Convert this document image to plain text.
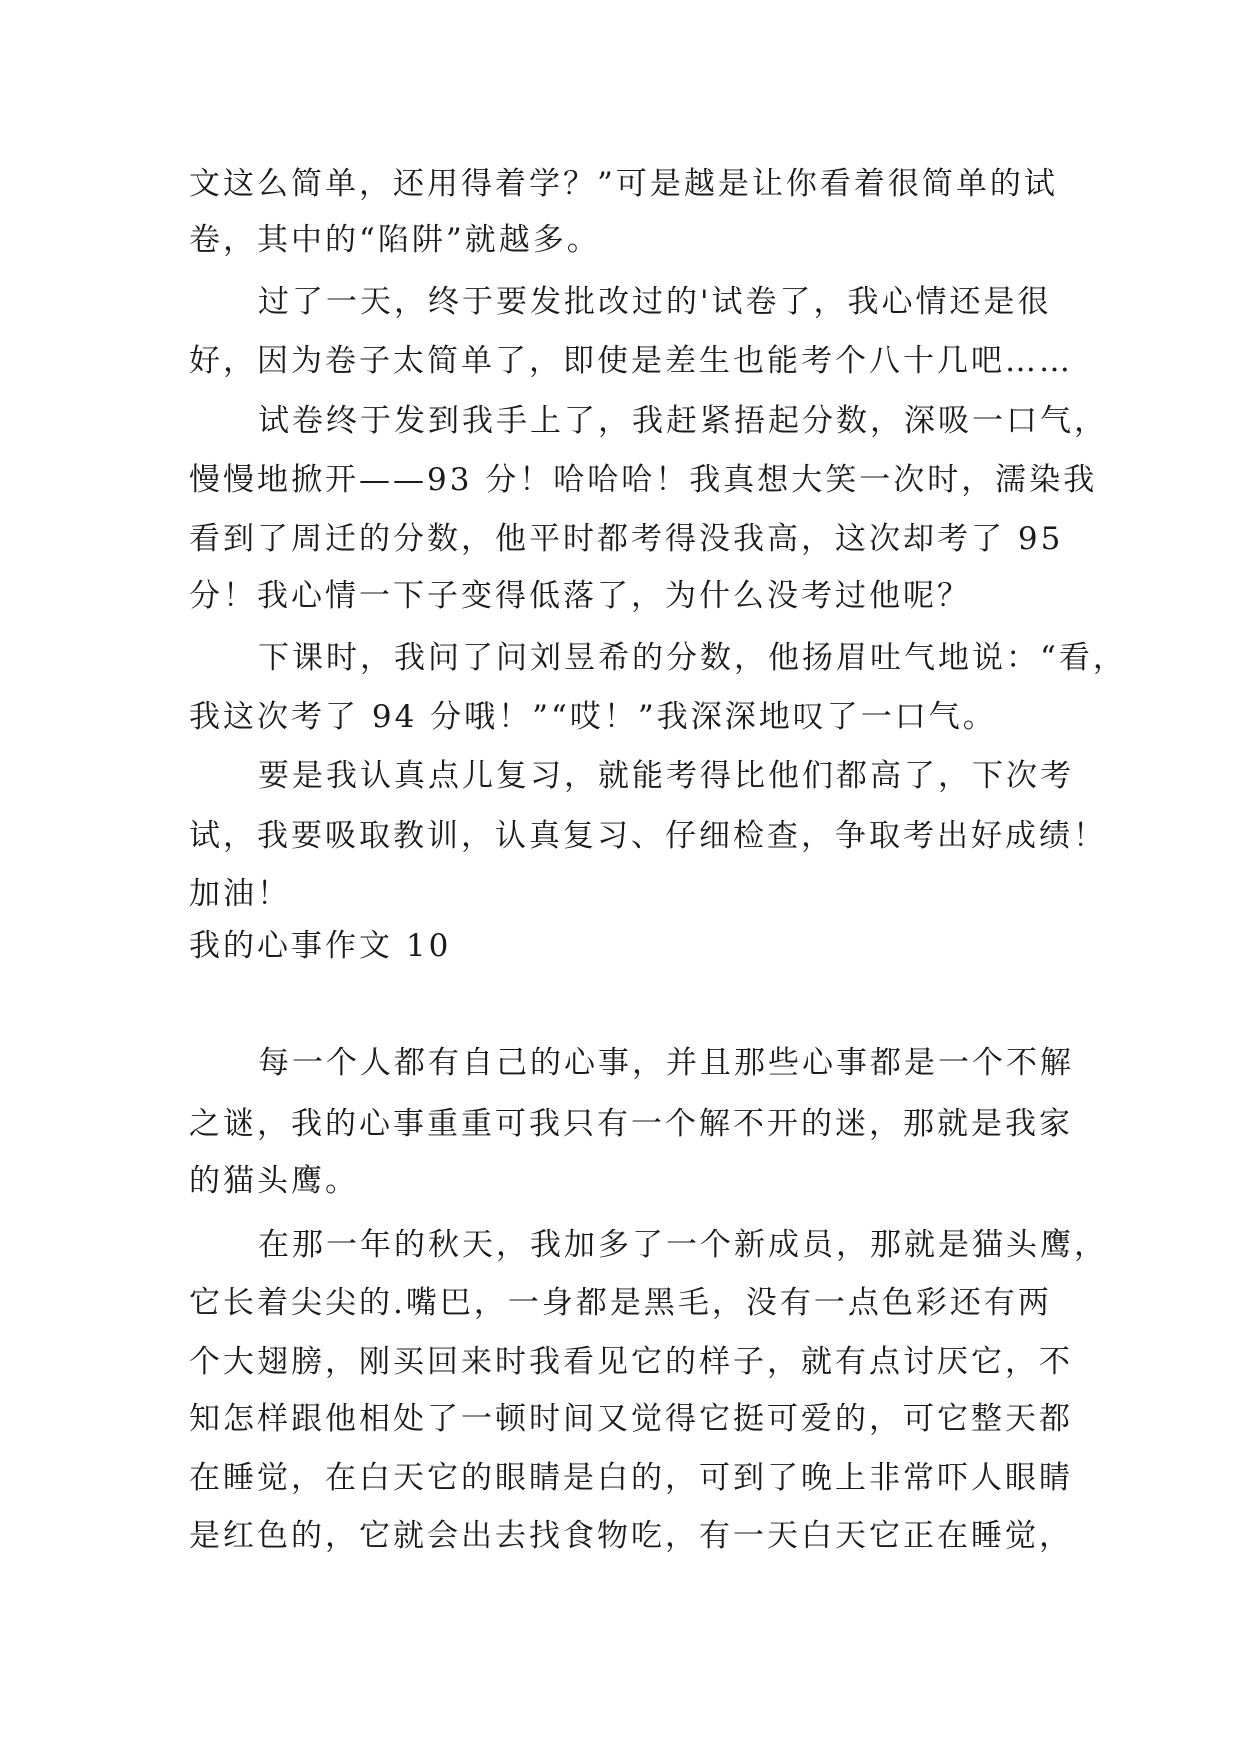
文这么简单，还用得着学？”可是越是让你看着很简单的试
卷，其中的“陷阱”就越多。
过了一天，终于要发批改过的'试卷了，我心情还是很
好，因为卷子太简单了，即使是差生也能考个八十几吧……
试卷终于发到我手上了，我赶紧捂起分数，深吸一口气，
慢慢地掀开——93 分！哈哈哈！我真想大笑一次时，濡染我
看到了周迁的分数，他平时都考得没我高，这次却考了 95
分！我心情一下子变得低落了，为什么没考过他呢？
下课时，我问了问刘昱希的分数，他扬眉吐气地说：“看，
我这次考了 94 分哦！”“哎！”我深深地叹了一口气。
要是我认真点儿复习，就能考得比他们都高了，下次考
试，我要吸取教训，认真复习、仔细检查，争取考出好成绩！
加油！
我的心事作文 10
每一个人都有自己的心事，并且那些心事都是一个不解
之谜，我的心事重重可我只有一个解不开的迷，那就是我家
的猫头鹰。
在那一年的秋天，我加多了一个新成员，那就是猫头鹰，
它长着尖尖的.嘴巴，一身都是黑毛，没有一点色彩还有两
个大翅膀，刚买回来时我看见它的样子，就有点讨厌它，不
知怎样跟他相处了一顿时间又觉得它挺可爱的，可它整天都
在睡觉，在白天它的眼睛是白的，可到了晚上非常吓人眼睛
是红色的，它就会出去找食物吃，有一天白天它正在睡觉，
